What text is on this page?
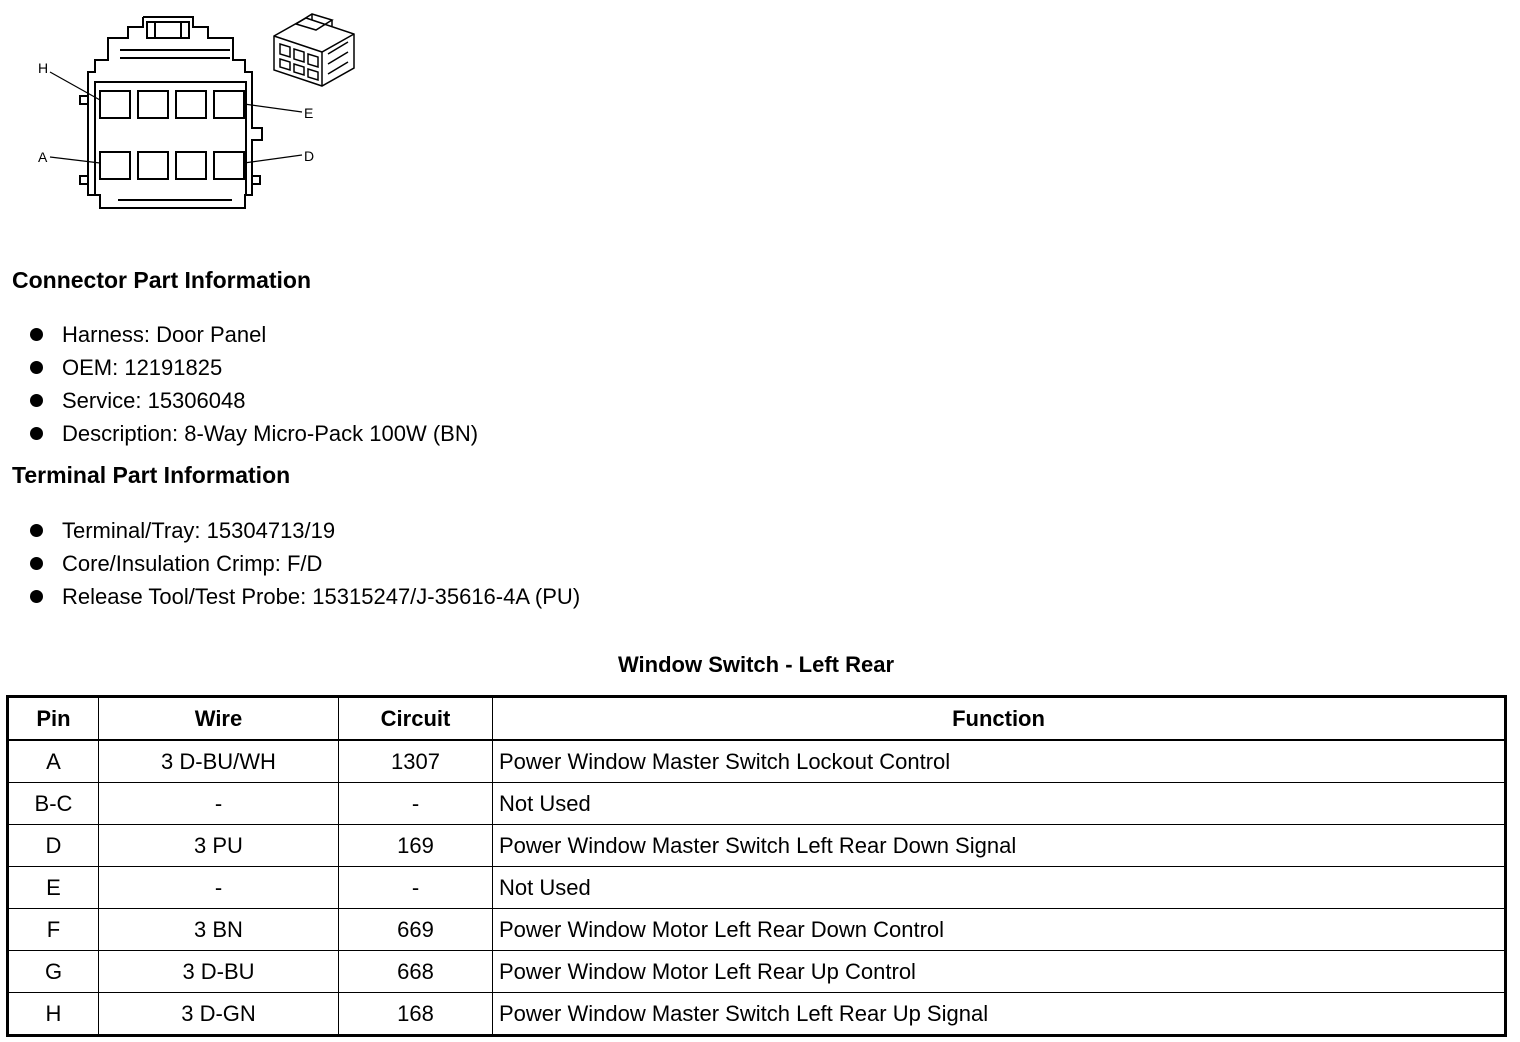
H
E
A	D
Connector Part Information
Harness: Door Panel
OEM: 12191825
Service: 15306048
Description: 8-Way Micro-Pack 100W (BN)
Terminal Part Information
Terminal/Tray: 15304713/19
Core/Insulation Crimp: F/D
Release Tool/Test Probe: 15315247/J-35616-4A (PU)
Window Switch - Left Rear
Pin	Wire	Circuit	Function
A	3 D-BU/WH	1307	Power Window Master Switch Lockout Control
B-C	-	-	Not Used
D	3 PU	169	Power Window Master Switch Left Rear Down Signal
E	-	-	Not Used
F	3 BN	669	Power Window Motor Left Rear Down Control
G	3 D-BU	668	Power Window Motor Left Rear Up Control
H	3 D-GN	168	Power Window Master Switch Left Rear Up Signal
